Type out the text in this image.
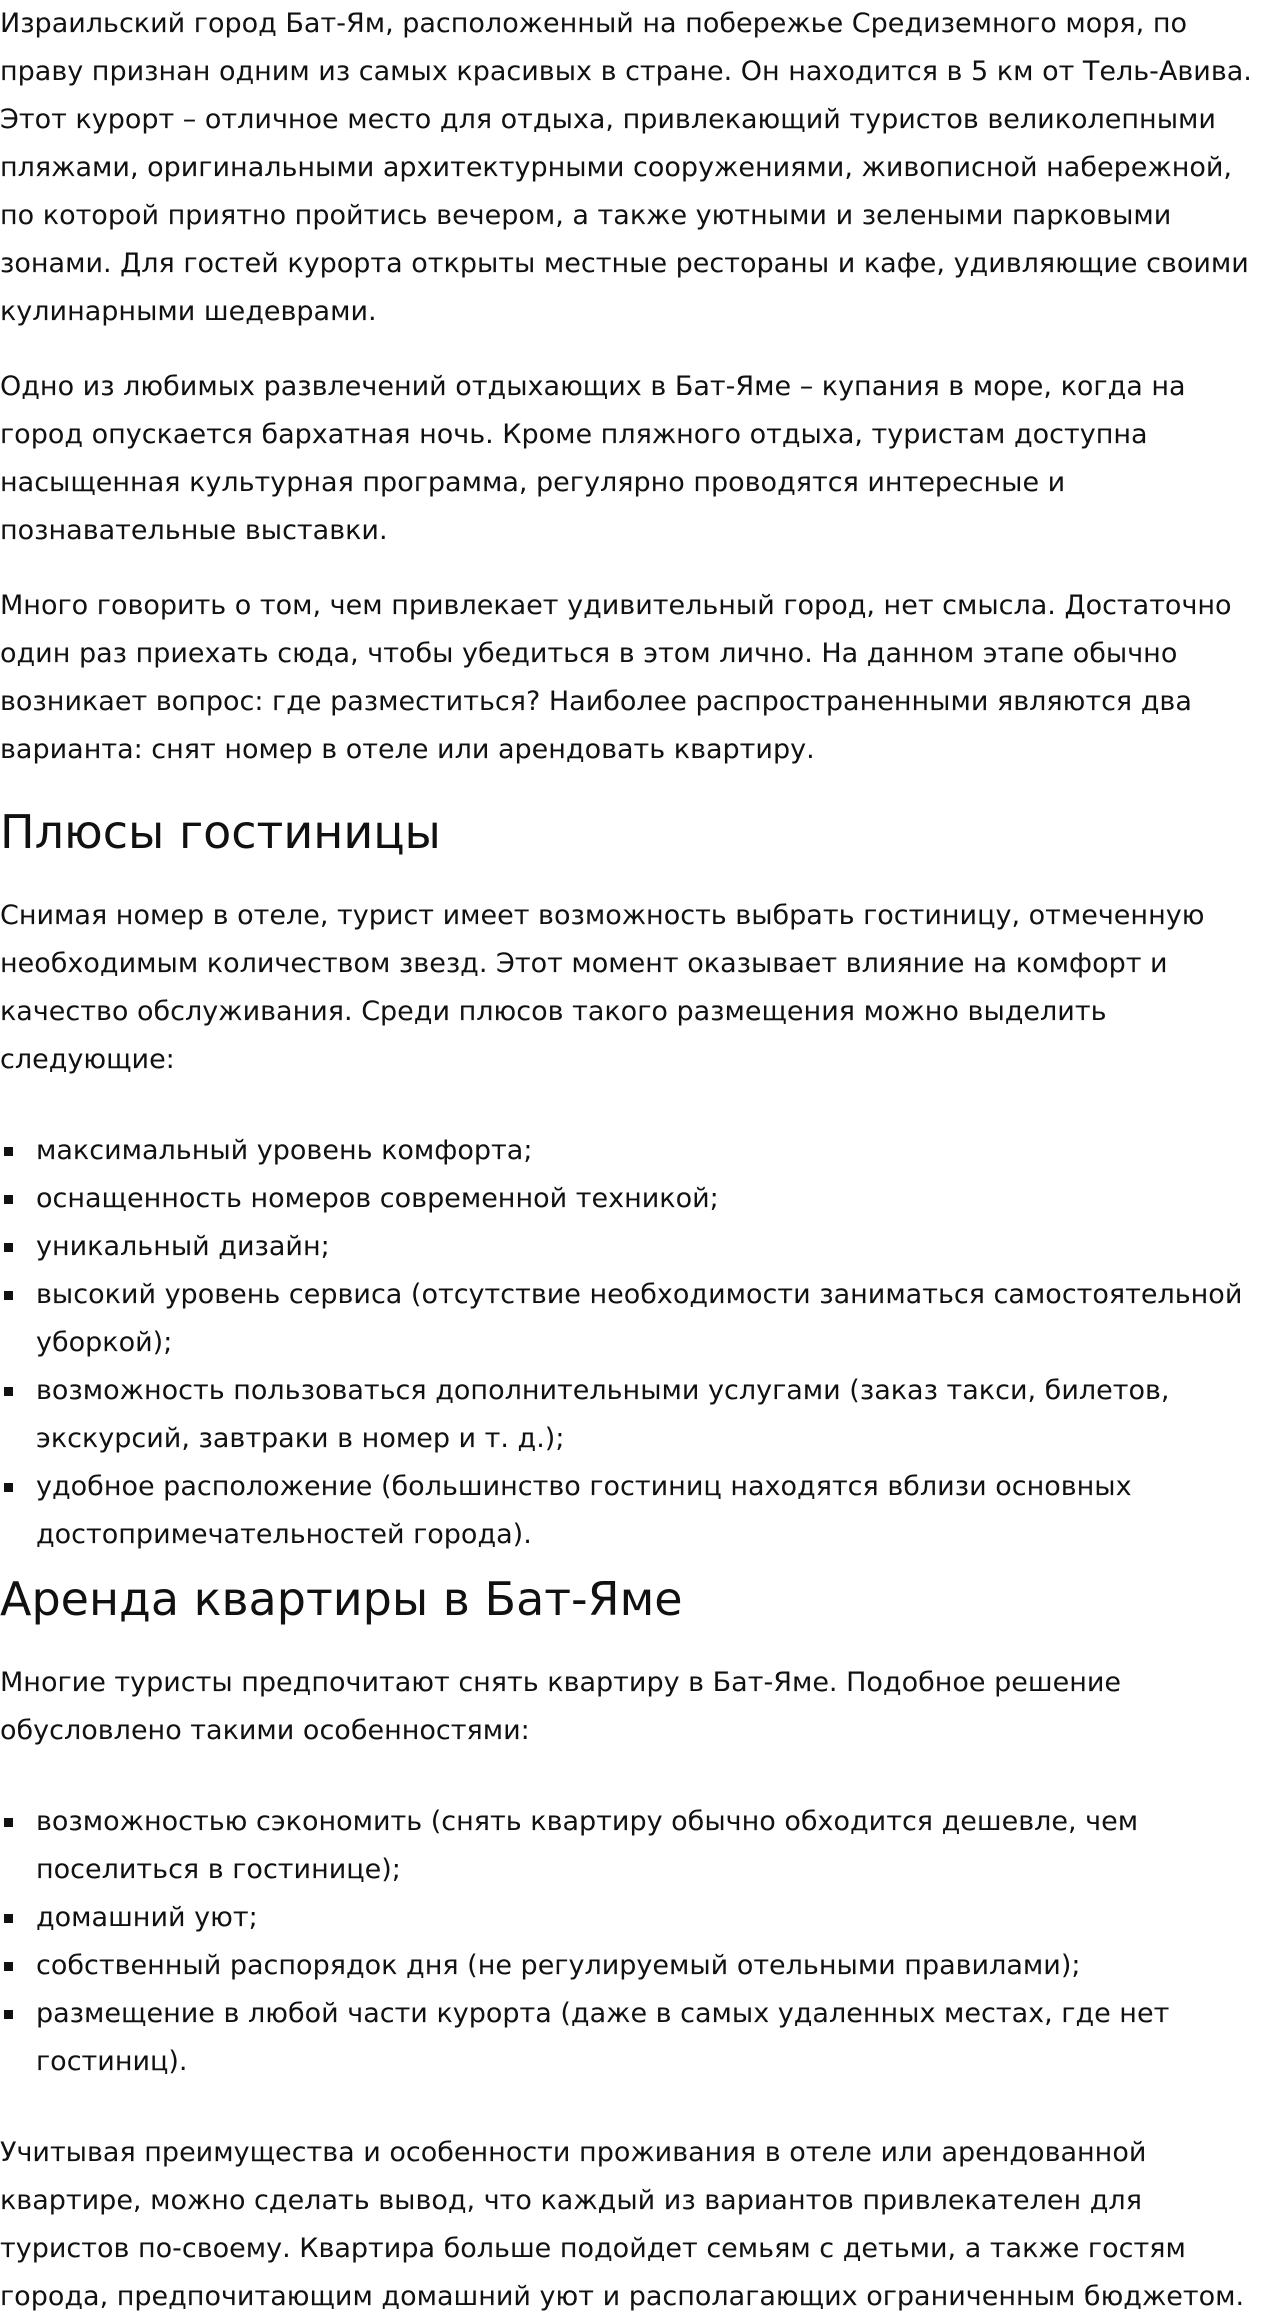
Израильский город Бат-Ям, расположенный на побережье Средиземного моря, по праву признан одним из самых красивых в стране. Он находится в 5 км от Тель-Авива. Этот курорт – отличное место для отдыха, привлекающий туристов великолепными пляжами, оригинальными архитектурными сооружениями, живописной набережной, по которой приятно пройтись вечером, а также уютными и зелеными парковыми зонами. Для гостей курорта открыты местные рестораны и кафе, удивляющие своими кулинарными шедеврами.

Одно из любимых развлечений отдыхающих в Бат-Яме – купания в море, когда на город опускается бархатная ночь. Кроме пляжного отдыха, туристам доступна насыщенная культурная программа, регулярно проводятся интересные и познавательные выставки.

Много говорить о том, чем привлекает удивительный город, нет смысла. Достаточно один раз приехать сюда, чтобы убедиться в этом лично. На данном этапе обычно возникает вопрос: где разместиться? Наиболее распространенными являются два варианта: снят номер в отеле или арендовать квартиру.

Плюсы гостиницы

Снимая номер в отеле, турист имеет возможность выбрать гостиницу, отмеченную необходимым количеством звезд. Этот момент оказывает влияние на комфорт и качество обслуживания. Среди плюсов такого размещения можно выделить следующие:

максимальный уровень комфорта;
оснащенность номеров современной техникой;
уникальный дизайн;
высокий уровень сервиса (отсутствие необходимости заниматься самостоятельной уборкой);
возможность пользоваться дополнительными услугами (заказ такси, билетов, экскурсий, завтраки в номер и т. д.);
удобное расположение (большинство гостиниц находятся вблизи основных достопримечательностей города).
Аренда квартиры в Бат-Яме

Многие туристы предпочитают снять квартиру в Бат-Яме. Подобное решение обусловлено такими особенностями:

возможностью сэкономить (снять квартиру обычно обходится дешевле, чем поселиться в гостинице);
домашний уют;
собственный распорядок дня (не регулируемый отельными правилами);
размещение в любой части курорта (даже в самых удаленных местах, где нет гостиниц).

Учитывая преимущества и особенности проживания в отеле или арендованной квартире, можно сделать вывод, что каждый из вариантов привлекателен для туристов по-своему. Квартира больше подойдет семьям с детьми, а также гостям города, предпочитающим домашний уют и располагающих ограниченным бюджетом.
